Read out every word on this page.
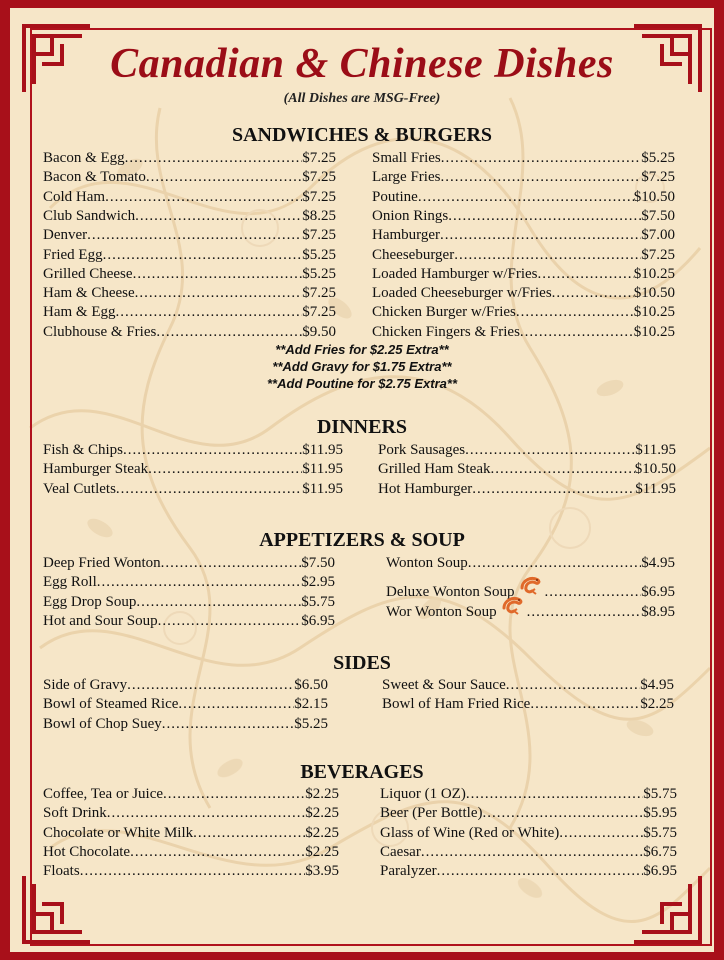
Canadian & Chinese Dishes
(All Dishes are MSG-Free)
SANDWICHES & BURGERS
Bacon & Egg .....	$7.25
Bacon & Tomato .....	$7.25
Cold Ham .....	$7.25
Club Sandwich .....	$8.25
Denver .....	$7.25
Fried Egg .....	$5.25
Grilled Cheese .....	$5.25
Ham & Cheese .....	$7.25
Ham & Egg .....	$7.25
Clubhouse & Fries .....	$9.50
Small Fries .....	$5.25
Large Fries .....	$7.25
Poutine .....	$10.50
Onion Rings .....	$7.50
Hamburger .....	$7.00
Cheeseburger .....	$7.25
Loaded Hamburger w/Fries .....	$10.25
Loaded Cheeseburger w/Fries .....	$10.50
Chicken Burger w/Fries .....	$10.25
Chicken Fingers & Fries .....	$10.25
**Add Fries for $2.25 Extra**
**Add Gravy for $1.75 Extra**
**Add Poutine for $2.75 Extra**
DINNERS
Fish & Chips .....	$11.95
Hamburger Steak .....	$11.95
Veal Cutlets .....	$11.95
Pork Sausages .....	$11.95
Grilled Ham Steak .....	$10.50
Hot Hamburger .....	$11.95
APPETIZERS & SOUP
Deep Fried Wonton .....	$7.50
Egg Roll .....	$2.95
Egg Drop Soup .....	$5.75
Hot and Sour Soup .....	$6.95
Wonton Soup .....	$4.95
Deluxe Wonton Soup .....	$6.95
Wor Wonton Soup .....	$8.95
SIDES
Side of Gravy .....	$6.50
Bowl of Steamed Rice .....	$2.15
Bowl of Chop Suey .....	$5.25
Sweet & Sour Sauce .....	$4.95
Bowl of Ham Fried Rice .....	$2.25
BEVERAGES
Coffee, Tea or Juice .....	$2.25
Soft Drink .....	$2.25
Chocolate or White Milk .....	$2.25
Hot Chocolate .....	$2.25
Floats .....	$3.95
Liquor (1 OZ) .....	$5.75
Beer (Per Bottle) .....	$5.95
Glass of Wine (Red or White) .....	$5.75
Caesar .....	$6.75
Paralyzer .....	$6.95
